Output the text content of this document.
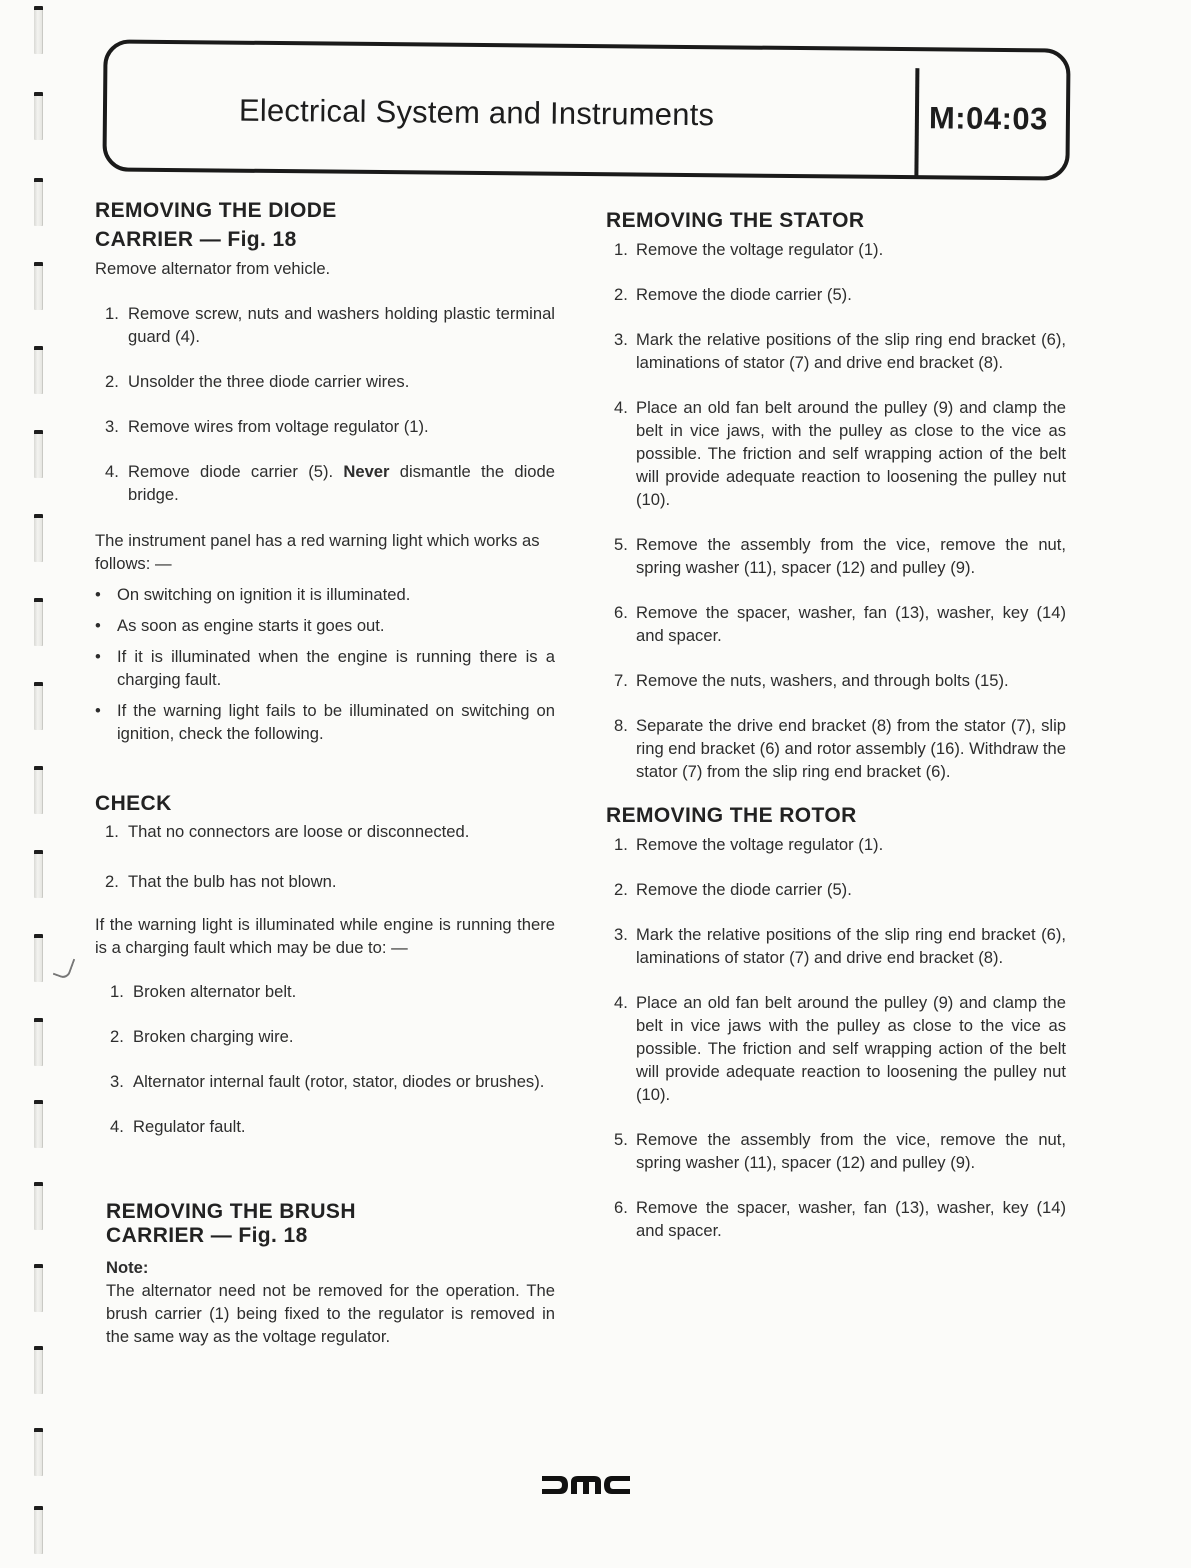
Electrical System and Instruments	M:04:03
REMOVING THE DIODE
CARRIER — Fig. 18

Remove alternator from vehicle.

1. Remove screw, nuts and washers holding plastic terminal guard (4).
2. Unsolder the three diode carrier wires.
3. Remove wires from voltage regulator (1).
4. Remove diode carrier (5). Never dismantle the diode bridge.

The instrument panel has a red warning light which works as follows: —

• On switching on ignition it is illuminated.
• As soon as engine starts it goes out.
• If it is illuminated when the engine is running there is a charging fault.
• If the warning light fails to be illuminated on switching on ignition, check the following.
CHECK
1. That no connectors are loose or disconnected.
2. That the bulb has not blown.

If the warning light is illuminated while engine is running there is a charging fault which may be due to: —

1. Broken alternator belt.
2. Broken charging wire.
3. Alternator internal fault (rotor, stator, diodes or brushes).
4. Regulator fault.
REMOVING THE BRUSH
CARRIER — Fig. 18

Note:

The alternator need not be removed for the operation. The brush carrier (1) being fixed to the regulator is removed in the same way as the voltage regulator.

REMOVING THE STATOR
1. Remove the voltage regulator (1).
2. Remove the diode carrier (5).
3. Mark the relative positions of the slip ring end bracket (6), laminations of stator (7) and drive end bracket (8).
4. Place an old fan belt around the pulley (9) and clamp the belt in vice jaws, with the pulley as close to the vice as possible. The friction and self wrapping action of the belt will provide adequate reaction to loosening the pulley nut (10).
5. Remove the assembly from the vice, remove the nut, spring washer (11), spacer (12) and pulley (9).
6. Remove the spacer, washer, fan (13), washer, key (14) and spacer.
7. Remove the nuts, washers, and through bolts (15).
8. Separate the drive end bracket (8) from the stator (7), slip ring end bracket (6) and rotor assembly (16). Withdraw the stator (7) from the slip ring end bracket (6).
REMOVING THE ROTOR
1. Remove the voltage regulator (1).
2. Remove the diode carrier (5).
3. Mark the relative positions of the slip ring end bracket (6), laminations of stator (7) and drive end bracket (8).
4. Place an old fan belt around the pulley (9) and clamp the belt in vice jaws with the pulley as close to the vice as possible. The friction and self wrapping action of the belt will provide adequate reaction to loosening the pulley nut (10).
5. Remove the assembly from the vice, remove the nut, spring washer (11), spacer (12) and pulley (9).
6. Remove the spacer, washer, fan (13), washer, key (14) and spacer.
